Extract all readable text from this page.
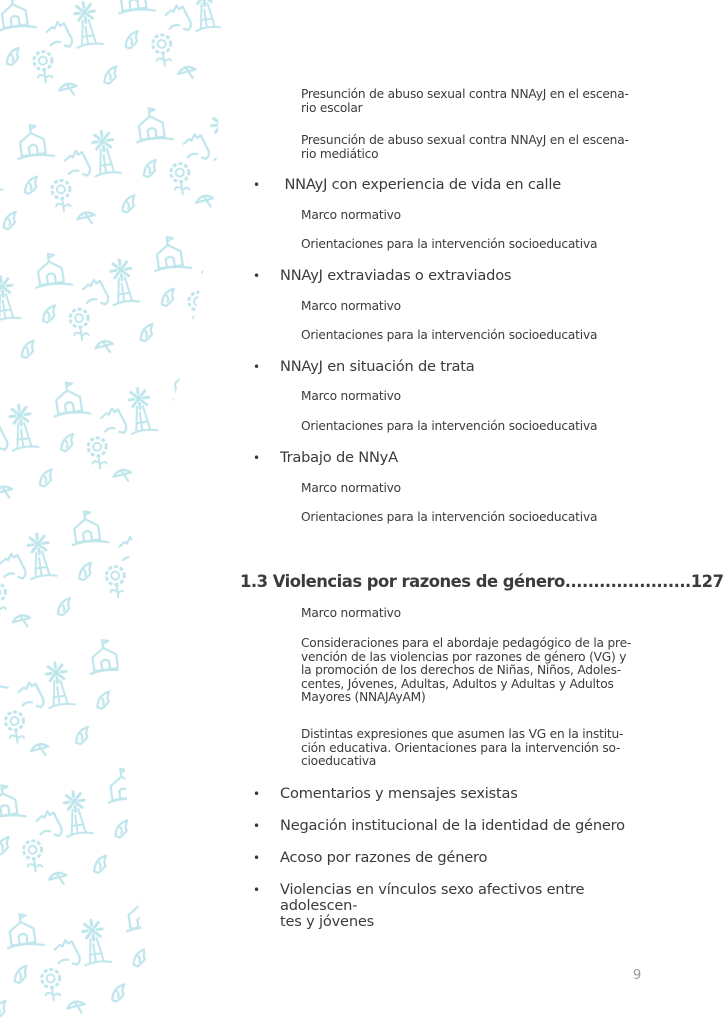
Presunción de abuso sexual contra NNAyJ en el escena-
rio escolar
Presunción de abuso sexual contra NNAyJ en el escena-
rio mediático
• NNAyJ con experiencia de vida en calle
Marco normativo
Orientaciones para la intervención socioeducativa
• NNAyJ extraviadas o extraviados
Marco normativo
Orientaciones para la intervención socioeducativa
• NNAyJ en situación de trata
Marco normativo
Orientaciones para la intervención socioeducativa
• Trabajo de NNyA
Marco normativo
Orientaciones para la intervención socioeducativa
1.3 Violencias por razones de género......................127
Marco normativo
Consideraciones para el abordaje pedagógico de la pre-
vención de las violencias por razones de género (VG) y
la promoción de los derechos de Niñas, Niños, Adoles-
centes, Jóvenes, Adultas, Adultos y Adultas y Adultos
Mayores (NNAJAyAM)
Distintas expresiones que asumen las VG en la institu-
ción educativa. Orientaciones para la intervención so-
cioeducativa
• Comentarios y mensajes sexistas
• Negación institucional de la identidad de género
• Acoso por razones de género
• Violencias en vínculos sexo afectivos entre adolescen-
tes y jóvenes
9
